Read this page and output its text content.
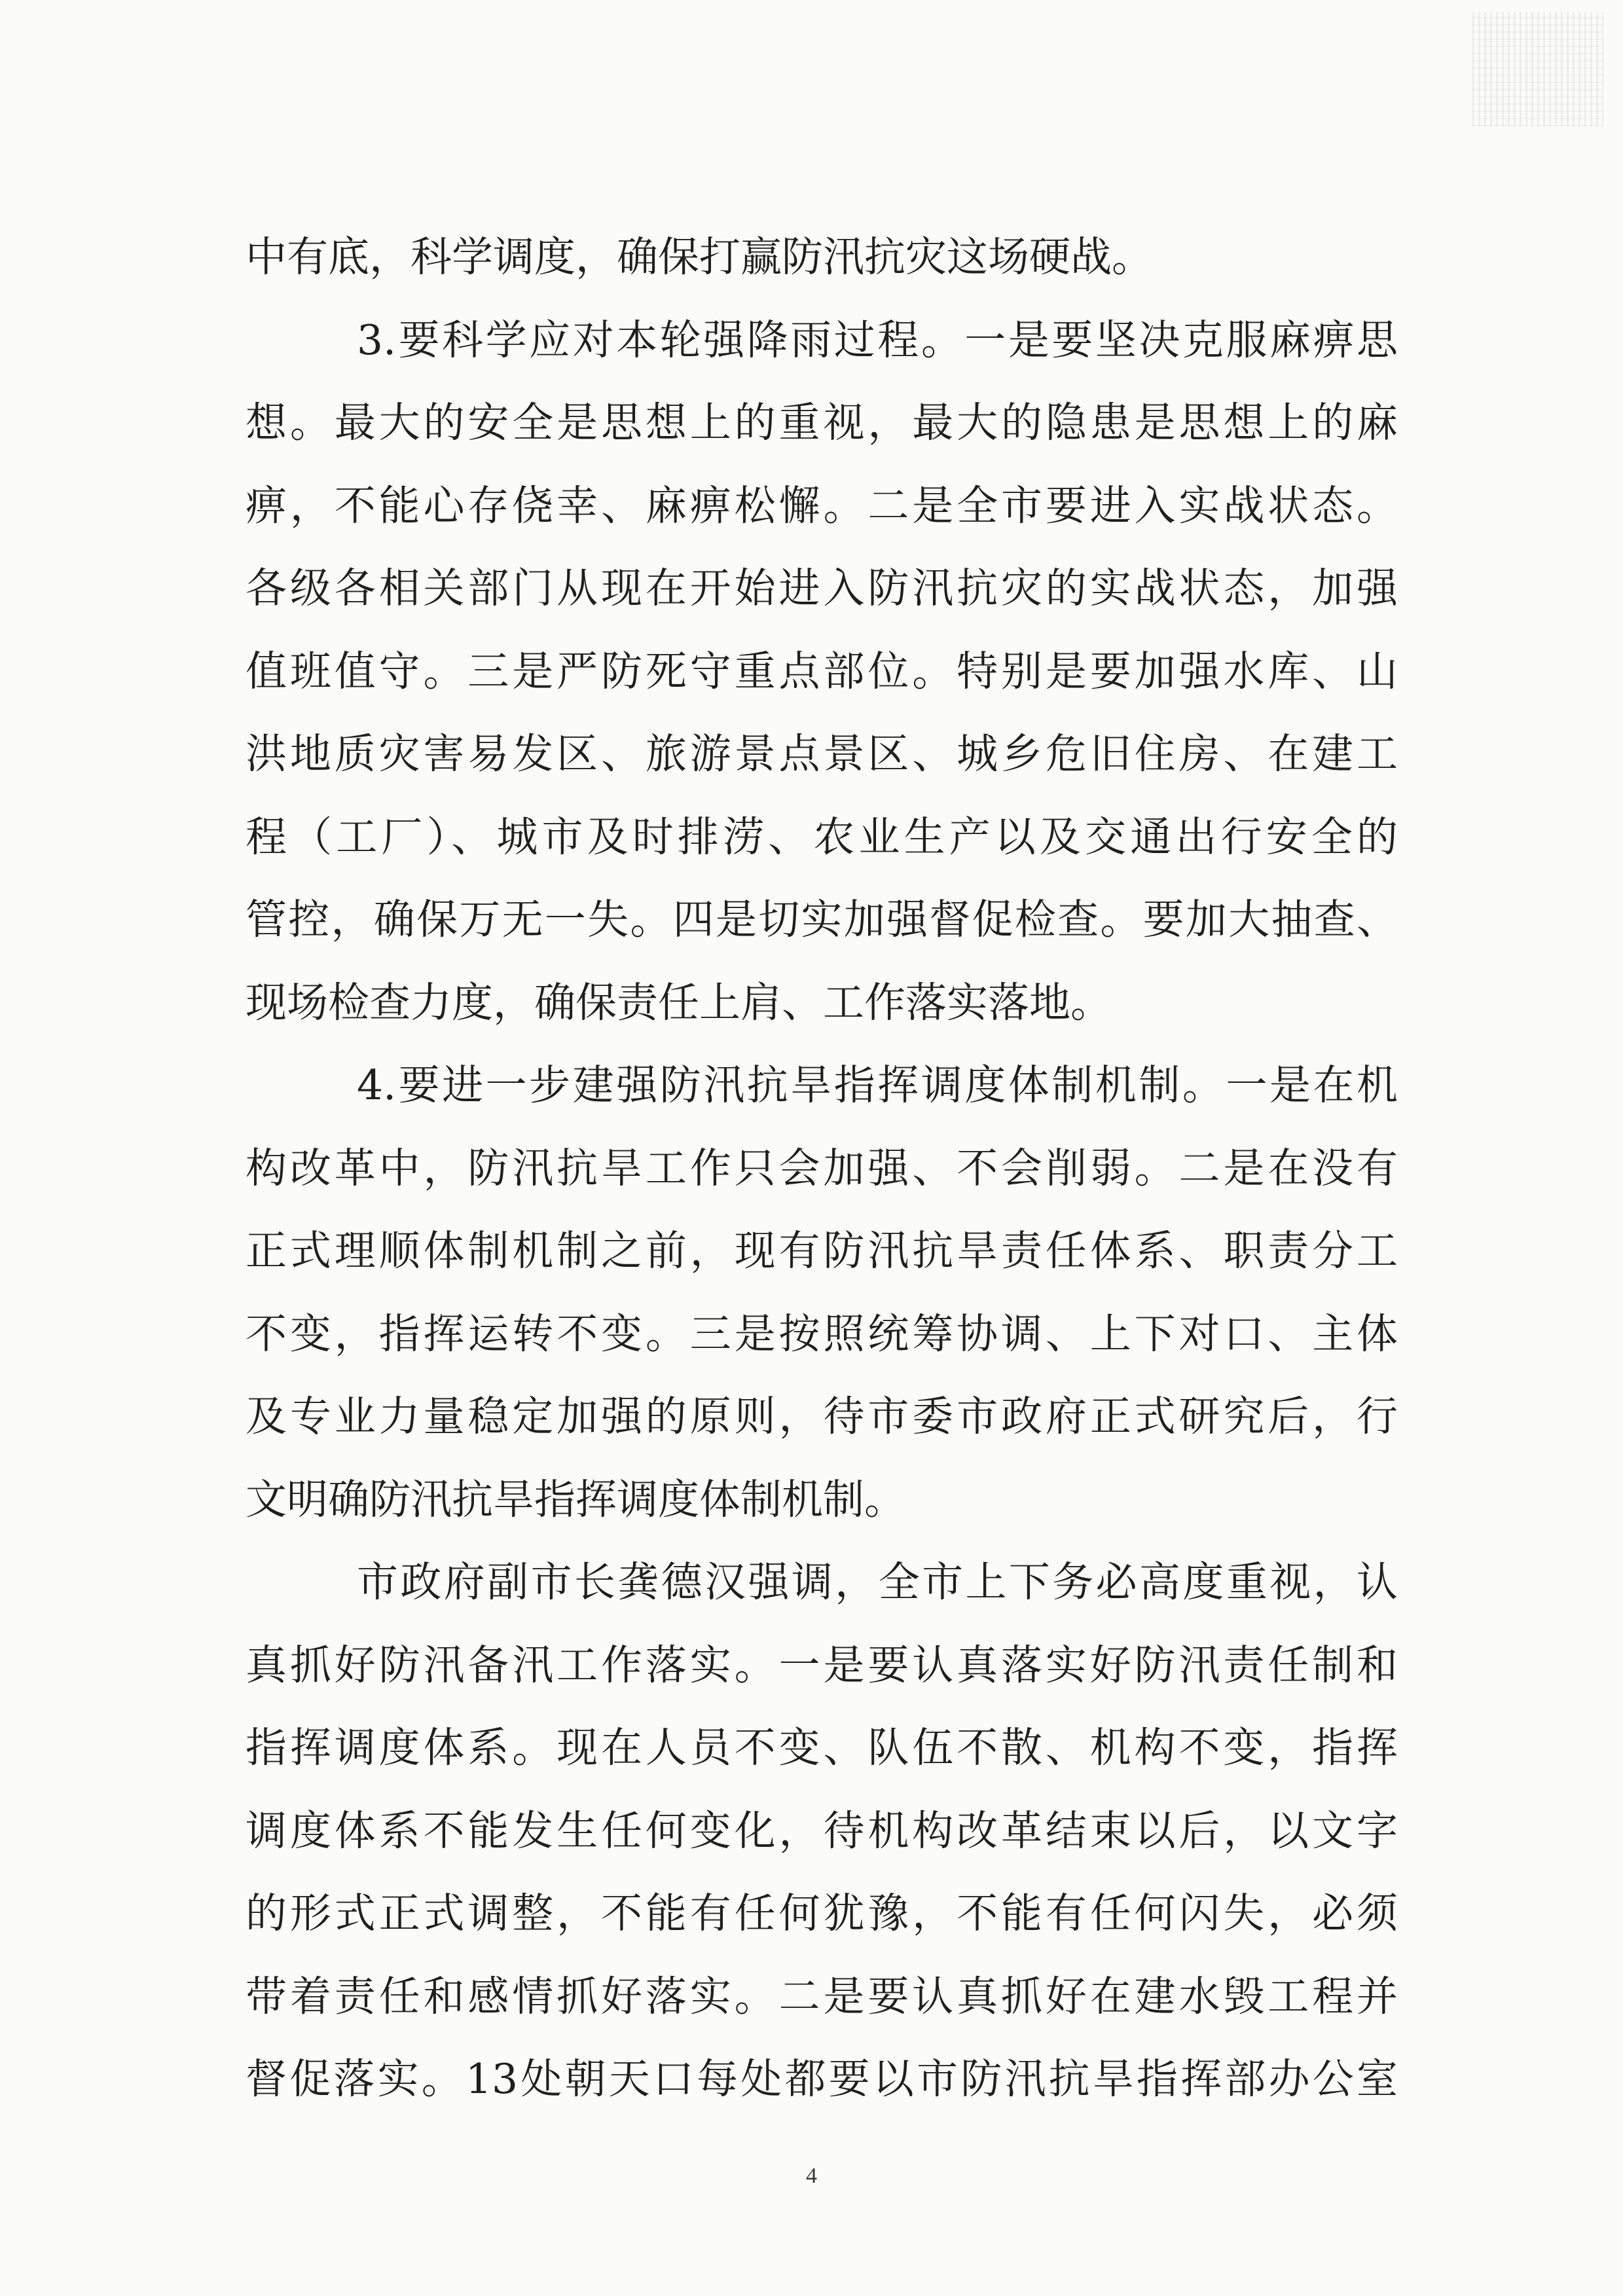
中有底，科学调度，确保打赢防汛抗灾这场硬战。
3.要科学应对本轮强降雨过程。一是要坚决克服麻痹思
想。最大的安全是思想上的重视，最大的隐患是思想上的麻
痹，不能心存侥幸、麻痹松懈。二是全市要进入实战状态。
各级各相关部门从现在开始进入防汛抗灾的实战状态，加强
值班值守。三是严防死守重点部位。特别是要加强水库、山
洪地质灾害易发区、旅游景点景区、城乡危旧住房、在建工
程（工厂）、城市及时排涝、农业生产以及交通出行安全的
管控，确保万无一失。四是切实加强督促检查。要加大抽查、
现场检查力度，确保责任上肩、工作落实落地。
4.要进一步建强防汛抗旱指挥调度体制机制。一是在机
构改革中，防汛抗旱工作只会加强、不会削弱。二是在没有
正式理顺体制机制之前，现有防汛抗旱责任体系、职责分工
不变，指挥运转不变。三是按照统筹协调、上下对口、主体
及专业力量稳定加强的原则，待市委市政府正式研究后，行
文明确防汛抗旱指挥调度体制机制。
市政府副市长龚德汉强调，全市上下务必高度重视，认
真抓好防汛备汛工作落实。一是要认真落实好防汛责任制和
指挥调度体系。现在人员不变、队伍不散、机构不变，指挥
调度体系不能发生任何变化，待机构改革结束以后，以文字
的形式正式调整，不能有任何犹豫，不能有任何闪失，必须
带着责任和感情抓好落实。二是要认真抓好在建水毁工程并
督促落实。13处朝天口每处都要以市防汛抗旱指挥部办公室
4
